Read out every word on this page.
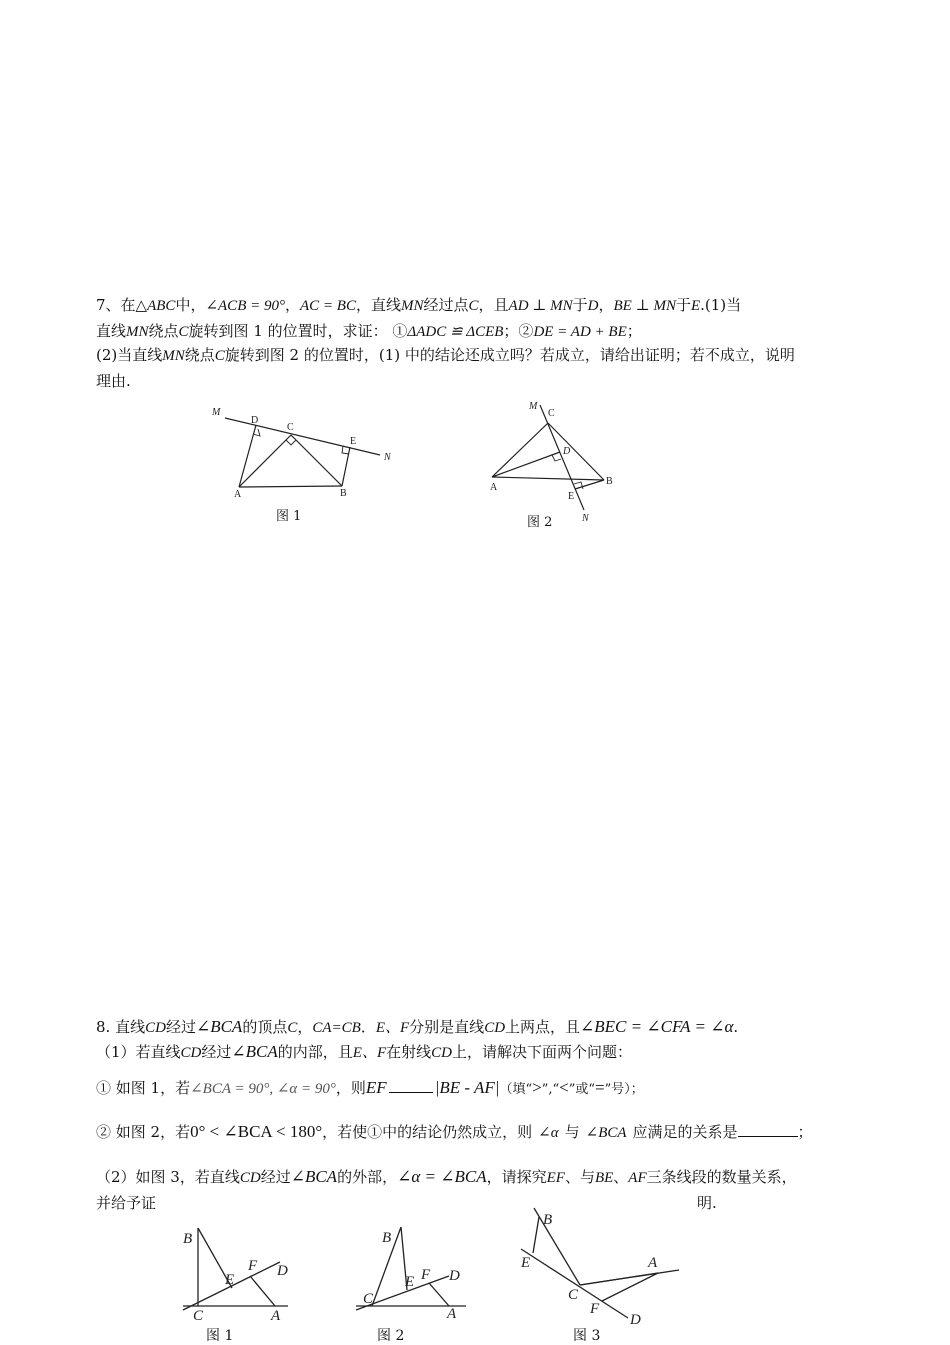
7、在△ABC中，∠ACB = 90°，AC = BC，直线MN经过点C，且AD ⊥ MN于D，BE ⊥ MN于E.(1)当
直线MN绕点C旋转到图 1 的位置时，求证： ①ΔADC ≌ ΔCEB；②DE = AD + BE；
(2)当直线MN绕点C旋转到图 2 的位置时，(1) 中的结论还成立吗？若成立，请给出证明；若不成立，说明
理由.
M
D
C
E
N
A	B
图 1
M
C
D
A
B
E
N
图 2
8. 直线CD经过∠BCA的顶点C，CA=CB．E、F分别是直线CD上两点，且∠BEC = ∠CFA = ∠α.
（1）若直线CD经过∠BCA的内部，且E、F在射线CD上，请解决下面两个问题：
① 如图 1，若∠BCA = 90°, ∠α = 90°，则EF	|BE - AF|（填“>”,“<”或“=”号）；
② 如图 2，若0° < ∠BCA < 180°，若使①中的结论仍然成立，则 ∠α 与 ∠BCA 应满足的关系是	；
（2）如图 3，若直线CD经过∠BCA的外部，∠α = ∠BCA，请探究EF、与BE、AF三条线段的数量关系，
并给予证	明.
B
E
F D
C	A
B
E F D
C
A
B
E	A
C
F
D
图 1	图 2	图 3
